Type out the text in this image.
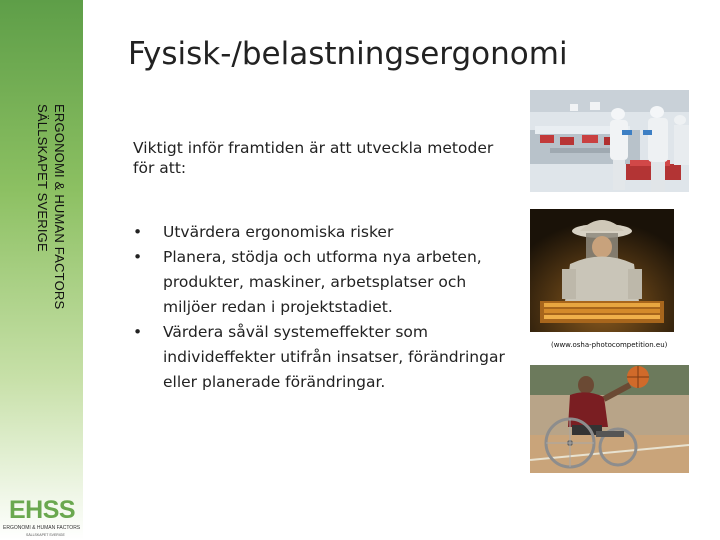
ERGONOMI & HUMAN FACTORS
SÄLLSKAPET SVERIGE
EHSS
ERGONOMI & HUMAN FACTORS
SÄLLSKAPET SVERIGE
Fysisk-/belastningsergonomi
Viktigt inför framtiden är att utveckla metoder för att:
• Utvärdera ergonomiska risker
• Planera, stödja och utforma nya arbeten, produkter, maskiner, arbetsplatser och miljöer redan i projektstadiet.
• Värdera såväl systemeffekter som individeffekter utifrån insatser, förändringar eller planerade förändringar.
(www.osha-photocompetition.eu)
